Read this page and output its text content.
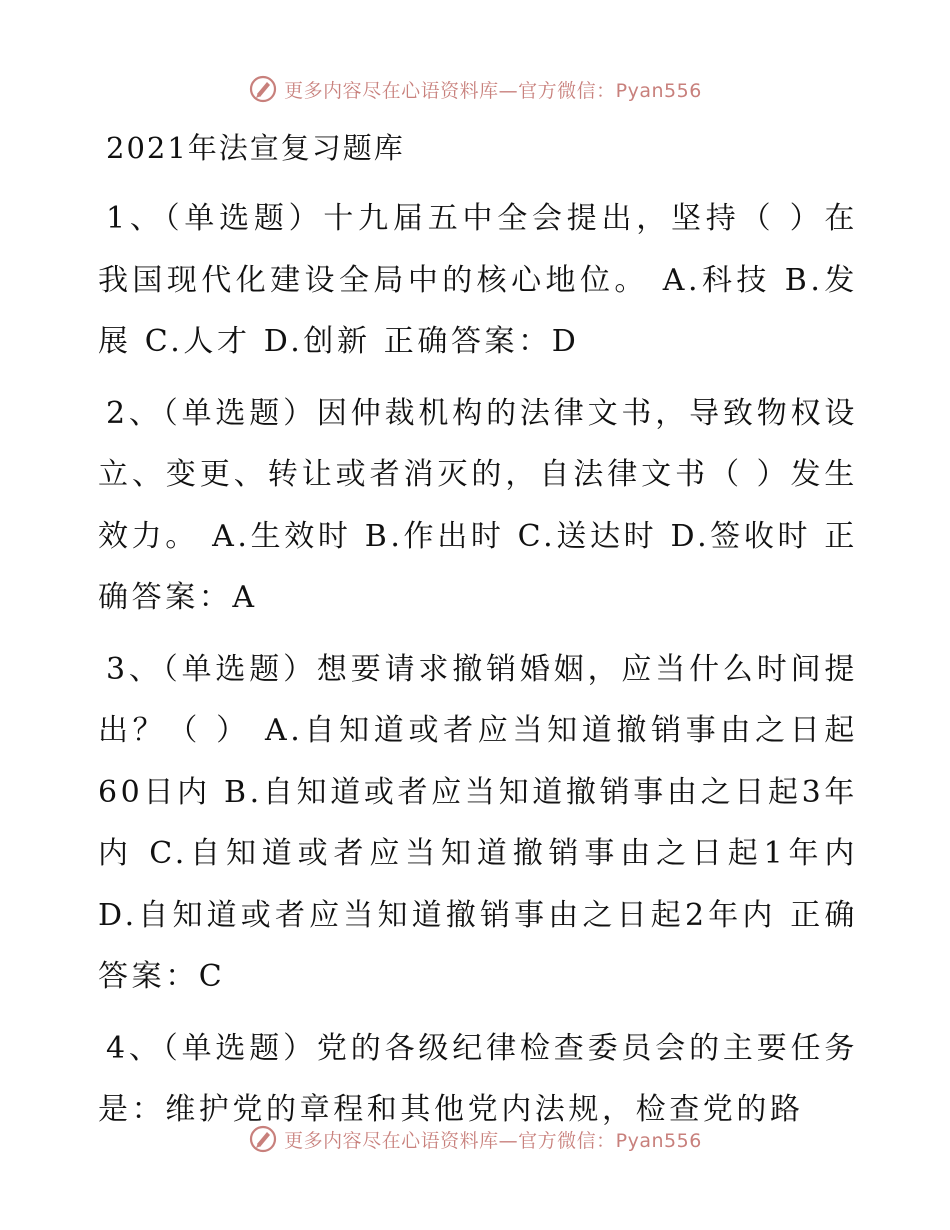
更多内容尽在心语资料库—官方微信：Pyan556
2021年法宣复习题库

1、（单选题）十九届五中全会提出，坚持（ ）在我国现代化建设全局中的核心地位。 A.科技 B.发展 C.人才 D.创新 正确答案：D

2、（单选题）因仲裁机构的法律文书，导致物权设立、变更、转让或者消灭的，自法律文书（ ）发生效力。 A.生效时 B.作出时 C.送达时 D.签收时 正确答案：A

3、（单选题）想要请求撤销婚姻，应当什么时间提出？（ ） A.自知道或者应当知道撤销事由之日起60日内 B.自知道或者应当知道撤销事由之日起3年内 C.自知道或者应当知道撤销事由之日起1年内 D.自知道或者应当知道撤销事由之日起2年内 正确答案：C

4、（单选题）党的各级纪律检查委员会的主要任务是：维护党的章程和其他党内法规，检查党的路

更多内容尽在心语资料库—官方微信：Pyan556
